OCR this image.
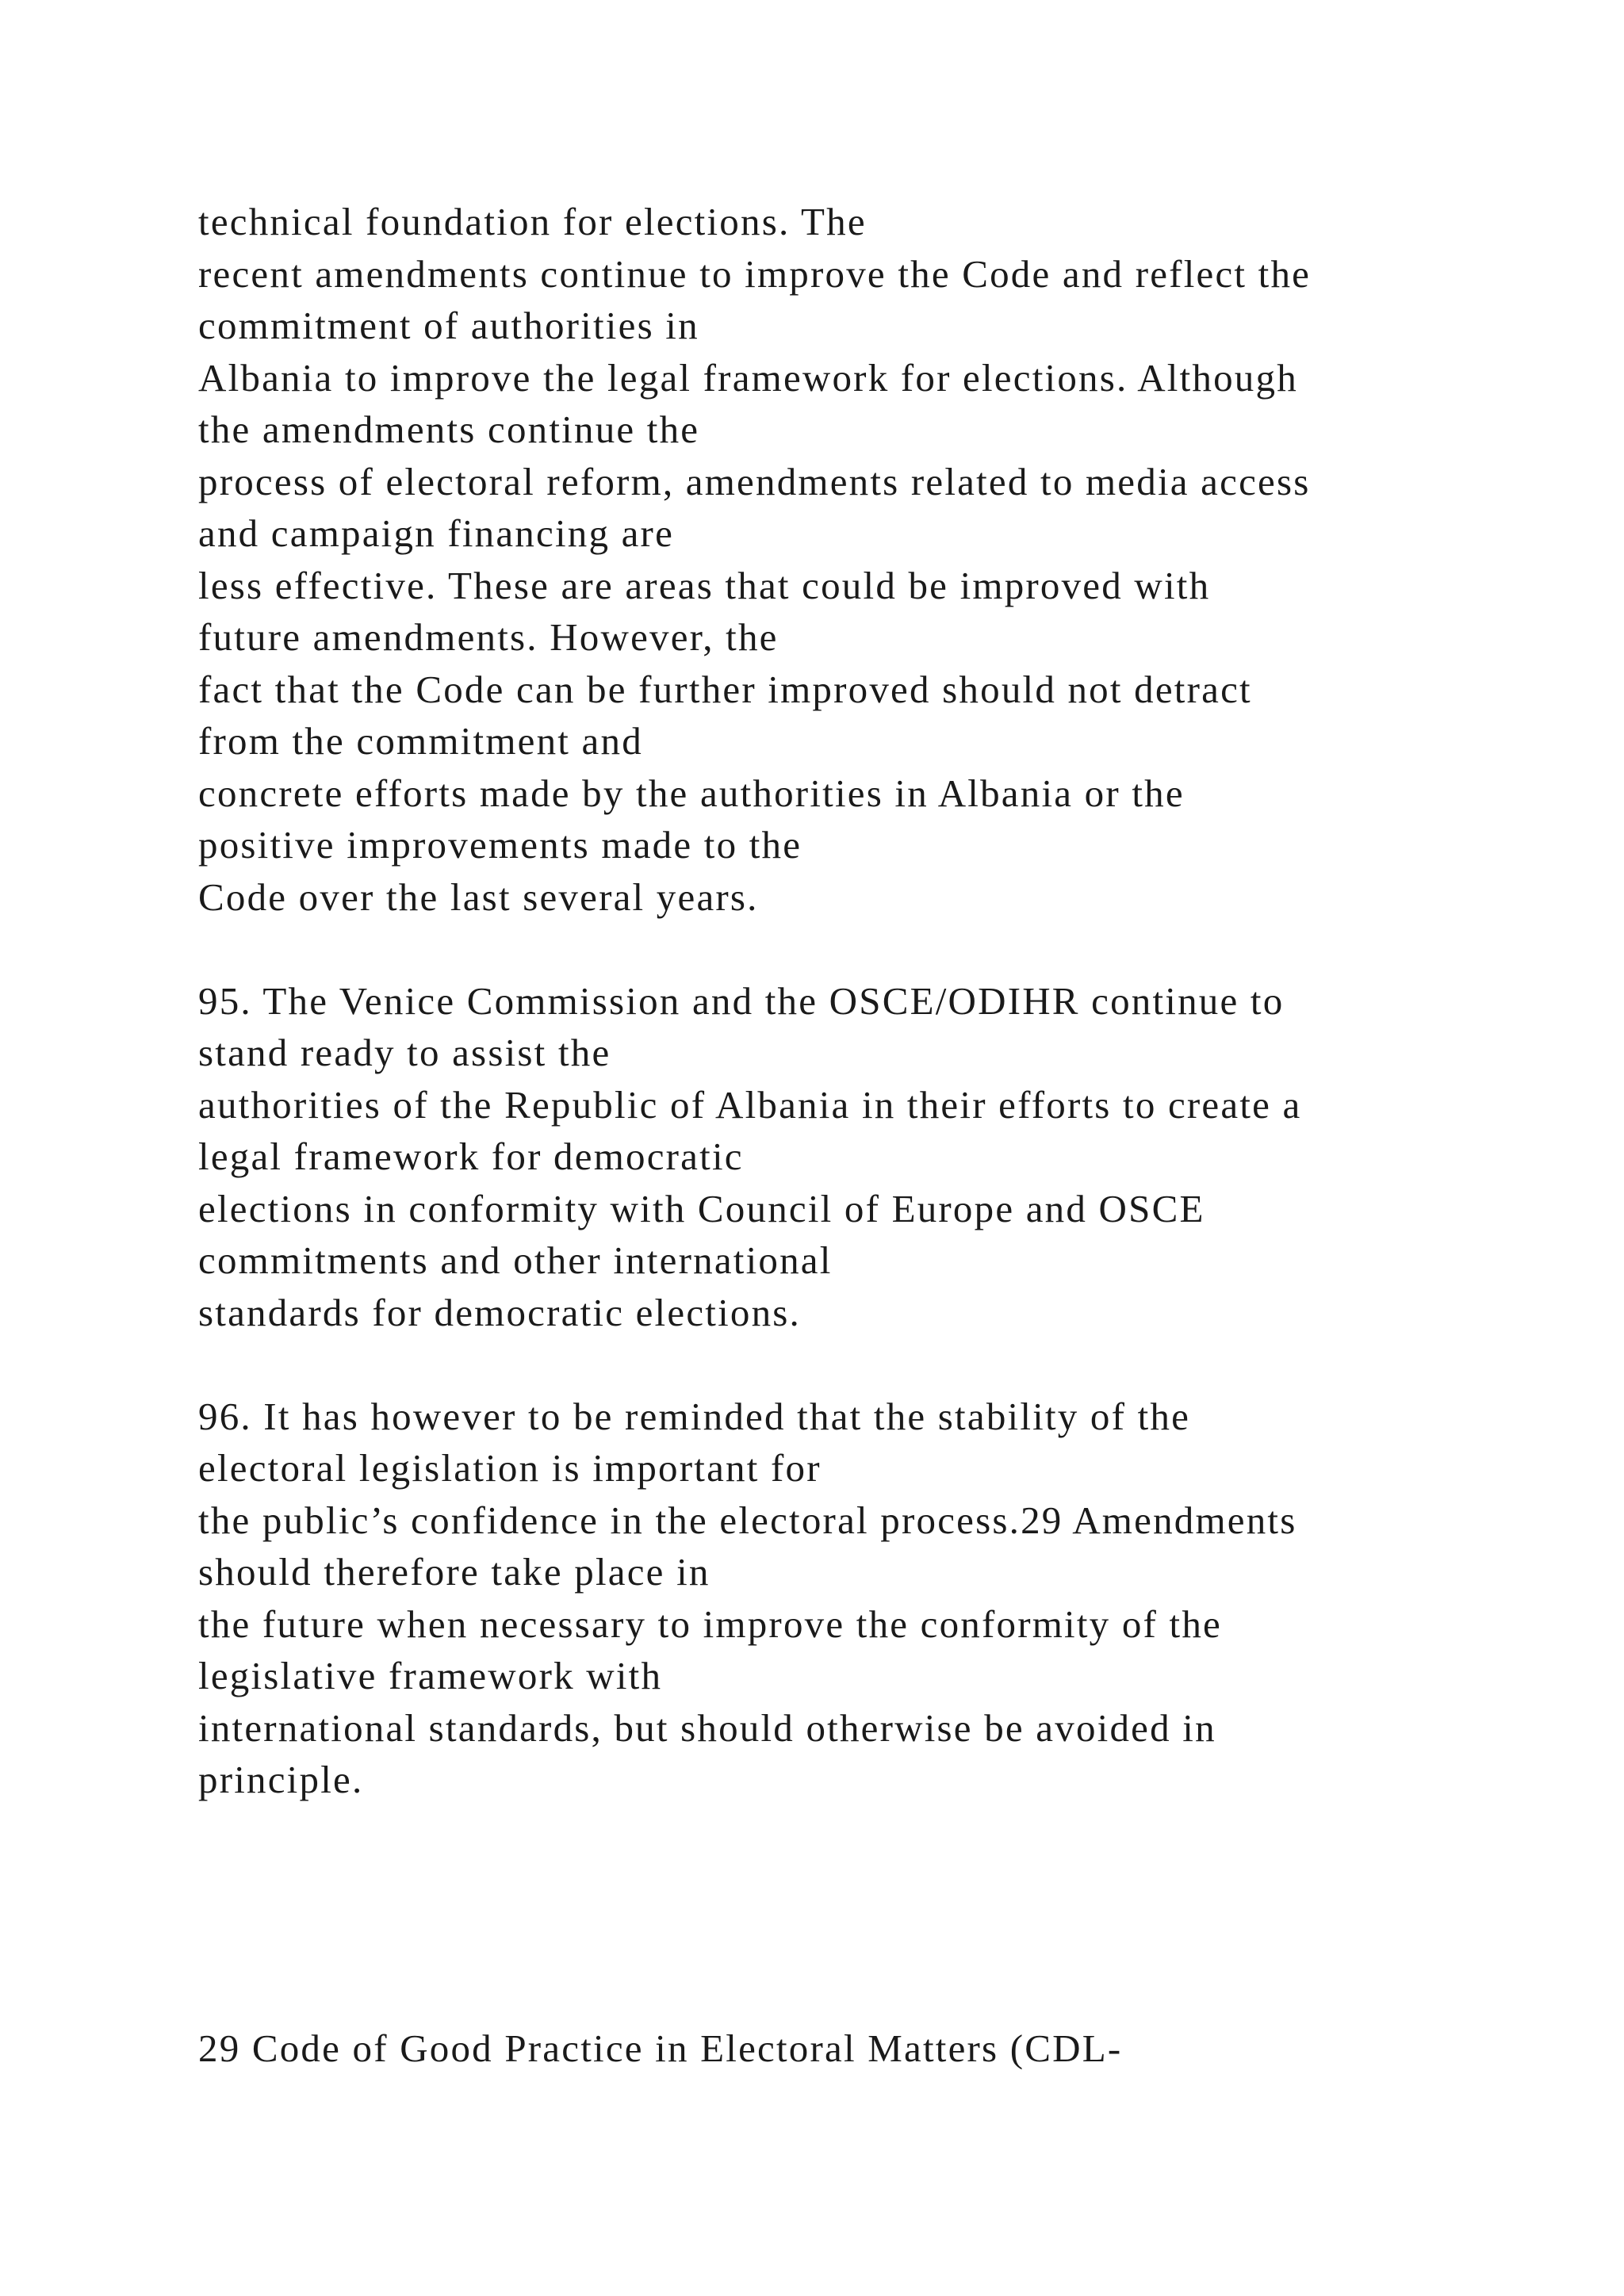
technical foundation for elections. The
recent amendments continue to improve the Code and reflect the
commitment of authorities in
Albania to improve the legal framework for elections. Although
the amendments continue the
process of electoral reform, amendments related to media access
and campaign financing are
less effective. These are areas that could be improved with
future amendments. However, the
fact that the Code can be further improved should not detract
from the commitment and
concrete efforts made by the authorities in Albania or the
positive improvements made to the
Code over the last several years.
95. The Venice Commission and the OSCE/ODIHR continue to
stand ready to assist the
authorities of the Republic of Albania in their efforts to create a
legal framework for democratic
elections in conformity with Council of Europe and OSCE
commitments and other international
standards for democratic elections.
96. It has however to be reminded that the stability of the
electoral legislation is important for
the public’s confidence in the electoral process.29 Amendments
should therefore take place in
the future when necessary to improve the conformity of the
legislative framework with
international standards, but should otherwise be avoided in
principle.
29 Code of Good Practice in Electoral Matters (CDL-
